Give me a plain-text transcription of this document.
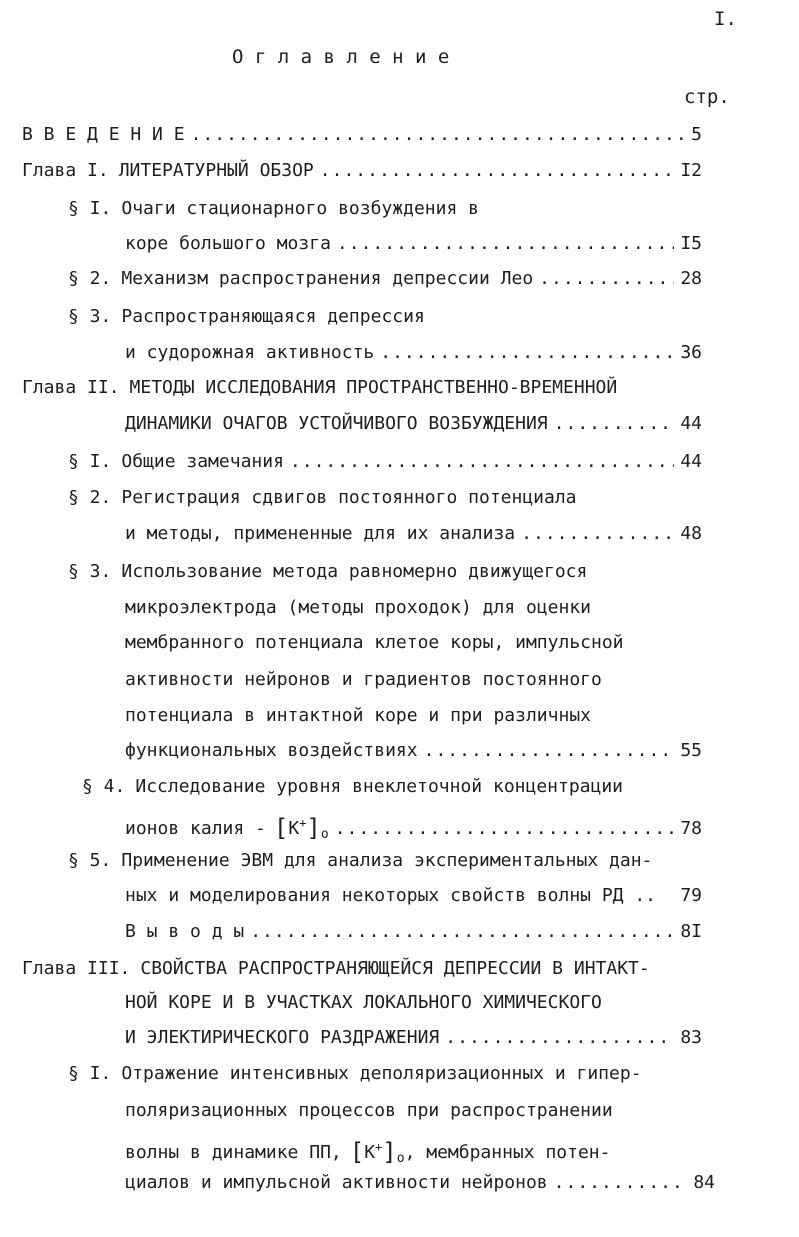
I.
О г л а в л е н и е
стр.
В В Е Д Е Н И Е .....	5
Глава I. ЛИТЕРАТУРНЫЙ ОБЗОР .....	I2
§ I. Очаги стационарного возбуждения в
коре большого мозга .....	I5
§ 2. Механизм распространения депрессии Лео .....	28
§ 3. Распространяющаяся депрессия
и судорожная активность .....	36
Глава II. МЕТОДЫ ИССЛЕДОВАНИЯ ПРОСТРАНСТВЕННО-ВРЕМЕННОЙ
ДИНАМИКИ ОЧАГОВ УСТОЙЧИВОГО ВОЗБУЖДЕНИЯ .....	44
§ I. Общие замечания .....	44
§ 2. Регистрация сдвигов постоянного потенциала
и методы, примененные для их анализа .....	48
§ 3. Использование метода равномерно движущегося
микроэлектрода (методы проходок) для оценки
мембранного потенциала клетое коры, импульсной
активности нейронов и градиентов постоянного
потенциала в интактной коре и при различных
функциональных воздействиях .....	55
§ 4. Исследование уровня внеклеточной концентрации
ионов калия - $[К^+]_o$ .....	78
§ 5. Применение ЭВМ для анализа экспериментальных дан-
ных и моделирования некоторых свойств волны РД .. 79
В ы в о д ы .....	8I
Глава III. СВОЙСТВА РАСПРОСТРАНЯЮЩЕЙСЯ ДЕПРЕССИИ В ИНТАКТ-
НОЙ КОРЕ И В УЧАСТКАХ ЛОКАЛЬНОГО ХИМИЧЕСКОГО
И ЭЛЕКТИРИЧЕСКОГО РАЗДРАЖЕНИЯ .....	83
§ I. Отражение интенсивных деполяризационных и гипер-
поляризационных процессов при распространении
волны в динамике ПП, $[К^+]_o$ , мембранных потен-
циалов и импульсной активности нейронов .....	84
